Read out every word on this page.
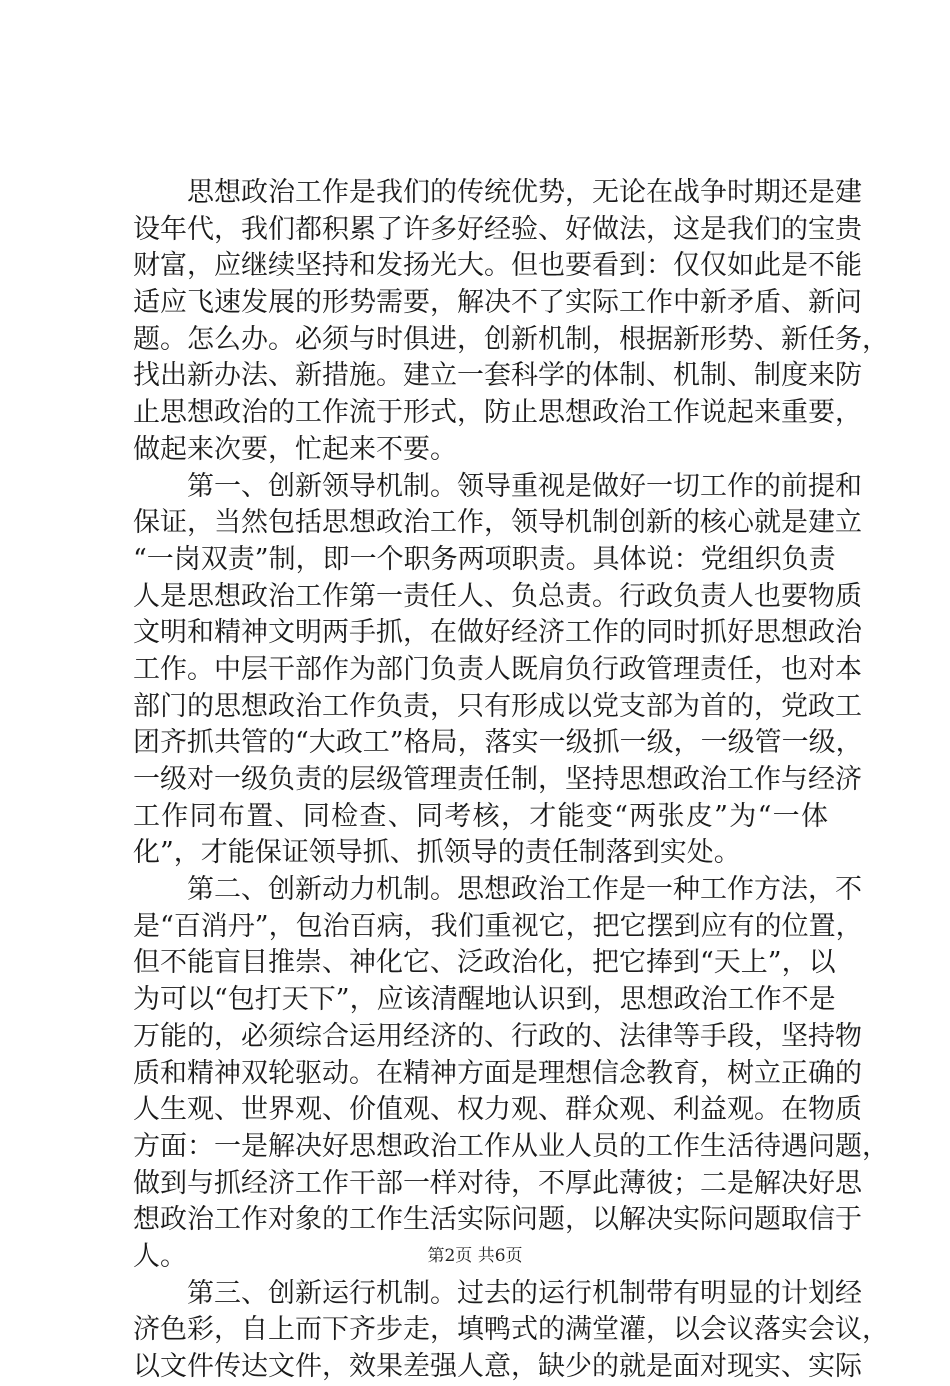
思想政治工作是我们的传统优势，无论在战争时期还是建
设年代，我们都积累了许多好经验、好做法，这是我们的宝贵
财富，应继续坚持和发扬光大。但也要看到：仅仅如此是不能
适应飞速发展的形势需要，解决不了实际工作中新矛盾、新问
题。怎么办。必须与时俱进，创新机制，根据新形势、新任务，
找出新办法、新措施。建立一套科学的体制、机制、制度来防
止思想政治的工作流于形式，防止思想政治工作说起来重要，
做起来次要，忙起来不要。
第一、创新领导机制。领导重视是做好一切工作的前提和
保证，当然包括思想政治工作，领导机制创新的核心就是建立
“一岗双责”制，即一个职务两项职责。具体说：党组织负责
人是思想政治工作第一责任人、负总责。行政负责人也要物质
文明和精神文明两手抓，在做好经济工作的同时抓好思想政治
工作。中层干部作为部门负责人既肩负行政管理责任，也对本
部门的思想政治工作负责，只有形成以党支部为首的，党政工
团齐抓共管的“大政工”格局，落实一级抓一级，一级管一级，
一级对一级负责的层级管理责任制，坚持思想政治工作与经济
工作同布置、同检查、同考核，才能变“两张皮”为“一体
化”，才能保证领导抓、抓领导的责任制落到实处。
第二、创新动力机制。思想政治工作是一种工作方法，不
是“百消丹”，包治百病，我们重视它，把它摆到应有的位置，
但不能盲目推崇、神化它、泛政治化，把它捧到“天上”，以
为可以“包打天下”，应该清醒地认识到，思想政治工作不是
万能的，必须综合运用经济的、行政的、法律等手段，坚持物
质和精神双轮驱动。在精神方面是理想信念教育，树立正确的
人生观、世界观、价值观、权力观、群众观、利益观。在物质
方面：一是解决好思想政治工作从业人员的工作生活待遇问题，
做到与抓经济工作干部一样对待，不厚此薄彼；二是解决好思
想政治工作对象的工作生活实际问题，以解决实际问题取信于
人。
第三、创新运行机制。过去的运行机制带有明显的计划经
济色彩，自上而下齐步走，填鸭式的满堂灌，以会议落实会议，
以文件传达文件，效果差强人意，缺少的就是面对现实、实际
第2页 共6页
